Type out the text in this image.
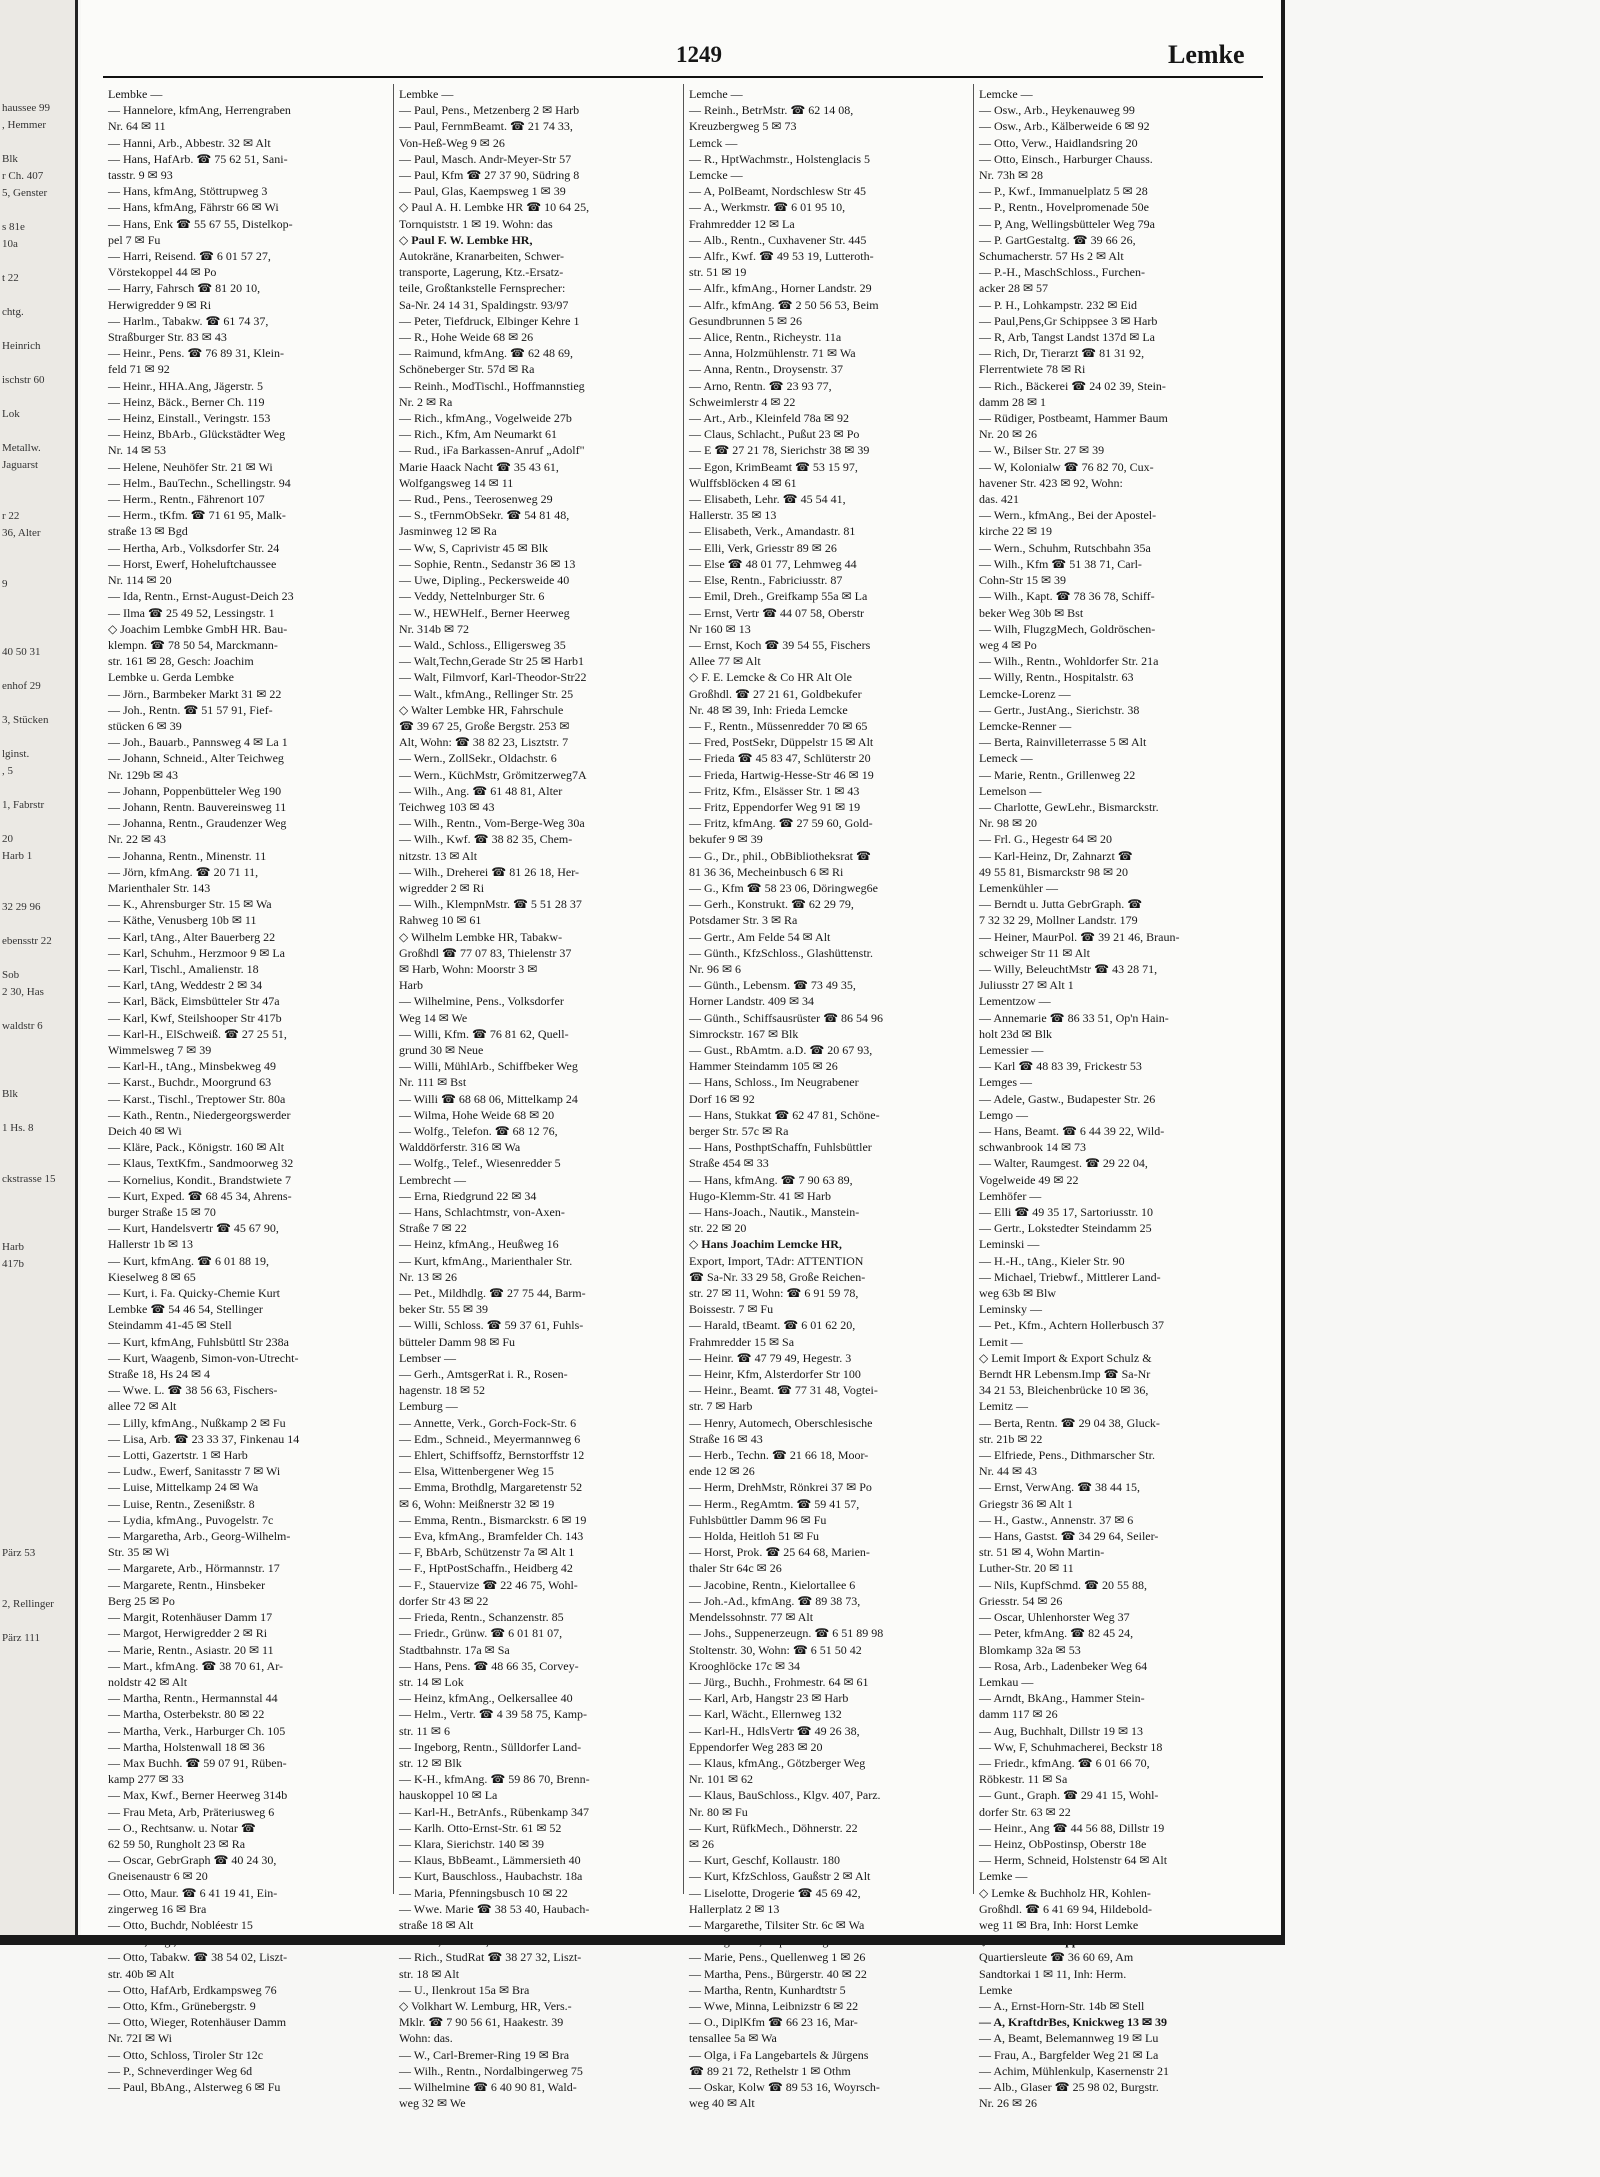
haussee 99
, Hemmer

Blk
r Ch. 407
5, Genster

s 81e
10a

t 22

chtg.

Heinrich

ischstr 60

Lok

Metallw.
Jaguarst

r 22
36, Alter

9

40 50 31

enhof 29

3, Stücken

lginst.
, 5

1, Fabrstr

20
Harb 1

32 29 96

ebensstr 22

Sob
2 30, Has

waldstr 6

Blk

1 Hs. 8

ckstrasse 15

Harb
417b

Pärz 53

2, Rellinger

Pärz 111
1249	Lemke
Lembke —
— Hannelore, kfmAng, Herrengraben
Nr. 64 ✉ 11
— Hanni, Arb., Abbestr. 32 ✉ Alt
— Hans, HafArb. ☎ 75 62 51, Sani-
tasstr. 9 ✉ 93
— Hans, kfmAng, Stöttrupweg 3
— Hans, kfmAng, Fährstr 66 ✉ Wi
— Hans, Enk ☎ 55 67 55, Distelkop-
pel 7 ✉ Fu
— Harri, Reisend. ☎ 6 01 57 27,
Vörstekoppel 44 ✉ Po
— Harry, Fahrsch ☎ 81 20 10,
Herwigredder 9 ✉ Ri
— Harlm., Tabakw. ☎ 61 74 37,
Straßburger Str. 83 ✉ 43
— Heinr., Pens. ☎ 76 89 31, Klein-
feld 71 ✉ 92
— Heinr., HHA.Ang, Jägerstr. 5
— Heinz, Bäck., Berner Ch. 119
— Heinz, Einstall., Veringstr. 153
— Heinz, BbArb., Glückstädter Weg
Nr. 14 ✉ 53
— Helene, Neuhöfer Str. 21 ✉ Wi
— Helm., BauTechn., Schellingstr. 94
— Herm., Rentn., Fährenort 107
— Herm., tKfm. ☎ 71 61 95, Malk-
straße 13 ✉ Bgd
— Hertha, Arb., Volksdorfer Str. 24
— Horst, Ewerf, Hoheluftchaussee
Nr. 114 ✉ 20
— Ida, Rentn., Ernst-August-Deich 23
— Ilma ☎ 25 49 52, Lessingstr. 1
◇ Joachim Lembke GmbH HR. Bau-
klempn. ☎ 78 50 54, Marckmann-
str. 161 ✉ 28, Gesch: Joachim
Lembke u. Gerda Lembke
— Jörn., Barmbeker Markt 31 ✉ 22
— Joh., Rentn. ☎ 51 57 91, Fief-
stücken 6 ✉ 39
— Joh., Bauarb., Pannsweg 4 ✉ La 1
— Johann, Schneid., Alter Teichweg
Nr. 129b ✉ 43
— Johann, Poppenbütteler Weg 190
— Johann, Rentn. Bauvereinsweg 11
— Johanna, Rentn., Graudenzer Weg
Nr. 22 ✉ 43
— Johanna, Rentn., Minenstr. 11
— Jörn, kfmAng. ☎ 20 71 11,
Marienthaler Str. 143
— K., Ahrensburger Str. 15 ✉ Wa
— Käthe, Venusberg 10b ✉ 11
— Karl, tAng., Alter Bauerberg 22
— Karl, Schuhm., Herzmoor 9 ✉ La
— Karl, Tischl., Amalienstr. 18
— Karl, tAng, Weddestr 2 ✉ 34
— Karl, Bäck, Eimsbütteler Str 47a
— Karl, Kwf, Steilshooper Str 417b
— Karl-H., ElSchweiß. ☎ 27 25 51,
Wimmelsweg 7 ✉ 39
— Karl-H., tAng., Minsbekweg 49
— Karst., Buchdr., Moorgrund 63
— Karst., Tischl., Treptower Str. 80a
— Kath., Rentn., Niedergeorgswerder
Deich 40 ✉ Wi
— Kläre, Pack., Königstr. 160 ✉ Alt
— Klaus, TextKfm., Sandmoorweg 32
— Kornelius, Kondit., Brandstwiete 7
— Kurt, Exped. ☎ 68 45 34, Ahrens-
burger Straße 15 ✉ 70
— Kurt, Handelsvertr ☎ 45 67 90,
Hallerstr 1b ✉ 13
— Kurt, kfmAng. ☎ 6 01 88 19,
Kieselweg 8 ✉ 65
— Kurt, i. Fa. Quicky-Chemie Kurt
Lembke ☎ 54 46 54, Stellinger
Steindamm 41-45 ✉ Stell
— Kurt, kfmAng, Fuhlsbüttl Str 238a
— Kurt, Waagenb, Simon-von-Utrecht-
Straße 18, Hs 24 ✉ 4
— Wwe. L. ☎ 38 56 63, Fischers-
allee 72 ✉ Alt
— Lilly, kfmAng., Nußkamp 2 ✉ Fu
— Lisa, Arb. ☎ 23 33 37, Finkenau 14
— Lotti, Gazertstr. 1 ✉ Harb
— Ludw., Ewerf, Sanitasstr 7 ✉ Wi
— Luise, Mittelkamp 24 ✉ Wa
— Luise, Rentn., Zesenißstr. 8
— Lydia, kfmAng., Puvogelstr. 7c
— Margaretha, Arb., Georg-Wilhelm-
Str. 35 ✉ Wi
— Margarete, Arb., Hörmannstr. 17
— Margarete, Rentn., Hinsbeker
Berg 25 ✉ Po
— Margit, Rotenhäuser Damm 17
— Margot, Herwigredder 2 ✉ Ri
— Marie, Rentn., Asiastr. 20 ✉ 11
— Mart., kfmAng. ☎ 38 70 61, Ar-
noldstr 42 ✉ Alt
— Martha, Rentn., Hermannstal 44
— Martha, Osterbekstr. 80 ✉ 22
— Martha, Verk., Harburger Ch. 105
— Martha, Holstenwall 18 ✉ 36
— Max Buchh. ☎ 59 07 91, Rüben-
kamp 277 ✉ 33
— Max, Kwf., Berner Heerweg 314b
— Frau Meta, Arb, Präteriusweg 6
— O., Rechtsanw. u. Notar ☎
62 59 50, Rungholt 23 ✉ Ra
— Oscar, GebrGraph ☎ 40 24 30,
Gneisenaustr 6 ✉ 20
— Otto, Maur. ☎ 6 41 19 41, Ein-
zingerweg 16 ✉ Bra
— Otto, Buchdr, Nobléestr 15
— Otto, Tabakw. ☎ 38 54 02, Liszt-
str. 40b ✉ Alt
— Otto, HafArb, Erdkampsweg 76
— Otto, Kfm., Grünebergstr. 9
— Otto, Wieger, Rotenhäuser Damm
Nr. 72I ✉ Wi
— Otto, Schloss, Tiroler Str 12c
— P., Schneverdinger Weg 6d
— Paul, BbAng., Alsterweg 6 ✉ Fu
Lembke —
— Paul, Pens., Metzenberg 2 ✉ Harb
— Paul, FernmBeamt. ☎ 21 74 33,
Von-Heß-Weg 9 ✉ 26
— Paul, Masch. Andr-Meyer-Str 57
— Paul, Kfm ☎ 27 37 90, Südring 8
— Paul, Glas, Kaempsweg 1 ✉ 39
◇ Paul A. H. Lembke HR ☎ 10 64 25,
Tornquiststr. 1 ✉ 19. Wohn: das
◇ Paul F. W. Lembke HR,
Autokräne, Kranarbeiten, Schwer-
transporte, Lagerung, Ktz.-Ersatz-
teile, Großtankstelle Fernsprecher:
Sa-Nr. 24 14 31, Spaldingstr. 93/97
— Peter, Tiefdruck, Elbinger Kehre 1
— R., Hohe Weide 68 ✉ 26
— Raimund, kfmAng. ☎ 62 48 69,
Schöneberger Str. 57d ✉ Ra
— Reinh., ModTischl., Hoffmannstieg
Nr. 2 ✉ Ra
— Rich., kfmAng., Vogelweide 27b
— Rich., Kfm, Am Neumarkt 61
— Rud., iFa Barkassen-Anruf „Adolf"
Marie Haack Nacht ☎ 35 43 61,
Wolfgangsweg 14 ✉ 11
— Rud., Pens., Teerosenweg 29
— S., tFernmObSekr. ☎ 54 81 48,
Jasminweg 12 ✉ Ra
— Ww, S, Caprivistr 45 ✉ Blk
— Sophie, Rentn., Sedanstr 36 ✉ 13
— Uwe, Dipling., Peckersweide 40
— Veddy, Nettelnburger Str. 6
— W., HEWHelf., Berner Heerweg
Nr. 314b ✉ 72
— Wald., Schloss., Elligersweg 35
— Walt,Techn,Gerade Str 25 ✉ Harb1
— Walt, Filmvorf, Karl-Theodor-Str22
— Walt., kfmAng., Rellinger Str. 25
◇ Walter Lembke HR, Fahrschule
☎ 39 67 25, Große Bergstr. 253 ✉
Alt, Wohn: ☎ 38 82 23, Lisztstr. 7
— Wern., ZollSekr., Oldachstr. 6
— Wern., KüchMstr, Grömitzerweg7A
— Wilh., Ang. ☎ 61 48 81, Alter
Teichweg 103 ✉ 43
— Wilh., Rentn., Vom-Berge-Weg 30a
— Wilh., Kwf. ☎ 38 82 35, Chem-
nitzstr. 13 ✉ Alt
— Wilh., Dreherei ☎ 81 26 18, Her-
wigredder 2 ✉ Ri
— Wilh., KlempnMstr. ☎ 5 51 28 37
Rahweg 10 ✉ 61
◇ Wilhelm Lembke HR, Tabakw-
Großhdl ☎ 77 07 83, Thielenstr 37
✉ Harb, Wohn: Moorstr 3 ✉
Harb
— Wilhelmine, Pens., Volksdorfer
Weg 14 ✉ We
— Willi, Kfm. ☎ 76 81 62, Quell-
grund 30 ✉ Neue
— Willi, MühlArb., Schiffbeker Weg
Nr. 111 ✉ Bst
— Willi ☎ 68 68 06, Mittelkamp 24
— Wilma, Hohe Weide 68 ✉ 20
— Wolfg., Telefon. ☎ 68 12 76,
Walddörferstr. 316 ✉ Wa
— Wolfg., Telef., Wiesenredder 5
Lembrecht —
— Erna, Riedgrund 22 ✉ 34
— Hans, Schlachtmstr, von-Axen-
Straße 7 ✉ 22
— Heinz, kfmAng., Heußweg 16
— Kurt, kfmAng., Marienthaler Str.
Nr. 13 ✉ 26
— Pet., Mildhdlg. ☎ 27 75 44, Barm-
beker Str. 55 ✉ 39
— Willi, Schloss. ☎ 59 37 61, Fuhls-
bütteler Damm 98 ✉ Fu
Lembser —
— Gerh., AmtsgerRat i. R., Rosen-
hagenstr. 18 ✉ 52
Lemburg —
— Annette, Verk., Gorch-Fock-Str. 6
— Edm., Schneid., Meyermannweg 6
— Ehlert, Schiffsoffz, Bernstorffstr 12
— Elsa, Wittenbergener Weg 15
— Emma, Brothdlg, Margaretenstr 52
✉ 6, Wohn: Meißnerstr 32 ✉ 19
— Emma, Rentn., Bismarckstr. 6 ✉ 19
— Eva, kfmAng., Bramfelder Ch. 143
— F, BbArb, Schützenstr 7a ✉ Alt 1
— F., HptPostSchaffn., Heidberg 42
— F., Stauervize ☎ 22 46 75, Wohl-
dorfer Str 43 ✉ 22
— Frieda, Rentn., Schanzenstr. 85
— Friedr., Grünw. ☎ 6 01 81 07,
Stadtbahnstr. 17a ✉ Sa
— Hans, Pens. ☎ 48 66 35, Corvey-
str. 14 ✉ Lok
— Heinz, kfmAng., Oelkersallee 40
— Helm., Vertr. ☎ 4 39 58 75, Kamp-
str. 11 ✉ 6
— Ingeborg, Rentn., Sülldorfer Land-
str. 12 ✉ Blk
— K-H., kfmAng. ☎ 59 86 70, Brenn-
hauskoppel 10 ✉ La
— Karl-H., BetrAnfs., Rübenkamp 347
— Karlh. Otto-Ernst-Str. 61 ✉ 52
— Klara, Sierichstr. 140 ✉ 39
— Klaus, BbBeamt., Lämmersieth 40
— Kurt, Bauschloss., Haubachstr. 18a
— Maria, Pfenningsbusch 10 ✉ 22
— Wwe. Marie ☎ 38 53 40, Haubach-
straße 18 ✉ Alt
— Rich., StudRat ☎ 38 27 32, Liszt-
str. 18 ✉ Alt
— U., Ilenkrout 15a ✉ Bra
◇ Volkhart W. Lemburg, HR, Vers.-
Mklr. ☎ 7 90 56 61, Haakestr. 39
Wohn: das.
— W., Carl-Bremer-Ring 19 ✉ Bra
— Wilh., Rentn., Nordalbingerweg 75
— Wilhelmine ☎ 6 40 90 81, Wald-
weg 32 ✉ We
Lemche —
— Reinh., BetrMstr. ☎ 62 14 08,
Kreuzbergweg 5 ✉ 73
Lemck —
— R., HptWachmstr., Holstenglacis 5
Lemcke —
— A, PolBeamt, Nordschlesw Str 45
— A., Werkmstr. ☎ 6 01 95 10,
Frahmredder 12 ✉ La
— Alb., Rentn., Cuxhavener Str. 445
— Alfr., Kwf. ☎ 49 53 19, Lutteroth-
str. 51 ✉ 19
— Alfr., kfmAng., Horner Landstr. 29
— Alfr., kfmAng. ☎ 2 50 56 53, Beim
Gesundbrunnen 5 ✉ 26
— Alice, Rentn., Richeystr. 11a
— Anna, Holzmühlenstr. 71 ✉ Wa
— Anna, Rentn., Droysenstr. 37
— Arno, Rentn. ☎ 23 93 77,
Schweimlerstr 4 ✉ 22
— Art., Arb., Kleinfeld 78a ✉ 92
— Claus, Schlacht., Pußut 23 ✉ Po
— E ☎ 27 21 78, Sierichstr 38 ✉ 39
— Egon, KrimBeamt ☎ 53 15 97,
Wulffsblöcken 4 ✉ 61
— Elisabeth, Lehr. ☎ 45 54 41,
Hallerstr. 35 ✉ 13
— Elisabeth, Verk., Amandastr. 81
— Elli, Verk, Griesstr 89 ✉ 26
— Else ☎ 48 01 77, Lehmweg 44
— Else, Rentn., Fabriciusstr. 87
— Emil, Dreh., Greifkamp 55a ✉ La
— Ernst, Vertr ☎ 44 07 58, Oberstr
Nr 160 ✉ 13
— Ernst, Koch ☎ 39 54 55, Fischers
Allee 77 ✉ Alt
◇ F. E. Lemcke & Co HR Alt Ole
Großhdl. ☎ 27 21 61, Goldbekufer
Nr. 48 ✉ 39, Inh: Frieda Lemcke
— F., Rentn., Müssenredder 70 ✉ 65
— Fred, PostSekr, Düppelstr 15 ✉ Alt
— Frieda ☎ 45 83 47, Schlüterstr 20
— Frieda, Hartwig-Hesse-Str 46 ✉ 19
— Fritz, Kfm., Elsässer Str. 1 ✉ 43
— Fritz, Eppendorfer Weg 91 ✉ 19
— Fritz, kfmAng. ☎ 27 59 60, Gold-
bekufer 9 ✉ 39
— G., Dr., phil., ObBibliotheksrat ☎
81 36 36, Mecheinbusch 6 ✉ Ri
— G., Kfm ☎ 58 23 06, Döringweg6e
— Gerh., Konstrukt. ☎ 62 29 79,
Potsdamer Str. 3 ✉ Ra
— Gertr., Am Felde 54 ✉ Alt
— Günth., KfzSchloss., Glashüttenstr.
Nr. 96 ✉ 6
— Günth., Lebensm. ☎ 73 49 35,
Horner Landstr. 409 ✉ 34
— Günth., Schiffsausrüster ☎ 86 54 96
Simrockstr. 167 ✉ Blk
— Gust., RbAmtm. a.D. ☎ 20 67 93,
Hammer Steindamm 105 ✉ 26
— Hans, Schloss., Im Neugrabener
Dorf 16 ✉ 92
— Hans, Stukkat ☎ 62 47 81, Schöne-
berger Str. 57c ✉ Ra
— Hans, PosthptSchaffn, Fuhlsbüttler
Straße 454 ✉ 33
— Hans, kfmAng. ☎ 7 90 63 89,
Hugo-Klemm-Str. 41 ✉ Harb
— Hans-Joach., Nautik., Manstein-
str. 22 ✉ 20
◇ Hans Joachim Lemcke HR,
Export, Import, TAdr: ATTENTION
☎ Sa-Nr. 33 29 58, Große Reichen-
str. 27 ✉ 11, Wohn: ☎ 6 91 59 78,
Boissestr. 7 ✉ Fu
— Harald, tBeamt. ☎ 6 01 62 20,
Frahmredder 15 ✉ Sa
— Heinr. ☎ 47 79 49, Hegestr. 3
— Heinr, Kfm, Alsterdorfer Str 100
— Heinr., Beamt. ☎ 77 31 48, Vogtei-
str. 7 ✉ Harb
— Henry, Automech, Oberschlesische
Straße 16 ✉ 43
— Herb., Techn. ☎ 21 66 18, Moor-
ende 12 ✉ 26
— Herm, DrehMstr, Rönkrei 37 ✉ Po
— Herm., RegAmtm. ☎ 59 41 57,
Fuhlsbüttler Damm 96 ✉ Fu
— Holda, Heitloh 51 ✉ Fu
— Horst, Prok. ☎ 25 64 68, Marien-
thaler Str 64c ✉ 26
— Jacobine, Rentn., Kielortallee 6
— Joh.-Ad., kfmAng. ☎ 89 38 73,
Mendelssohnstr. 77 ✉ Alt
— Johs., Suppenerzeugn. ☎ 6 51 89 98
Stoltenstr. 30, Wohn: ☎ 6 51 50 42
Krooghlöcke 17c ✉ 34
— Jürg., Buchh., Frohmestr. 64 ✉ 61
— Karl, Arb, Hangstr 23 ✉ Harb
— Karl, Wächt., Ellernweg 132
— Karl-H., HdlsVertr ☎ 49 26 38,
Eppendorfer Weg 283 ✉ 20
— Klaus, kfmAng., Götzberger Weg
Nr. 101 ✉ 62
— Klaus, BauSchloss., Klgv. 407, Parz.
Nr. 80 ✉ Fu
— Kurt, RüfkMech., Döhnerstr. 22
✉ 26
— Kurt, Geschf, Kollaustr. 180
— Kurt, KfzSchloss, Gaußstr 2 ✉ Alt
— Liselotte, Drogerie ☎ 45 69 42,
Hallerplatz 2 ✉ 13
— Margarethe, Tilsiter Str. 6c ✉ Wa
— Marie, Pens., Quellenweg 1 ✉ 26
— Martha, Pens., Bürgerstr. 40 ✉ 22
— Martha, Rentn, Kunhardtstr 5
— Wwe, Minna, Leibnizstr 6 ✉ 22
— O., DiplKfm ☎ 66 23 16, Mar-
tensallee 5a ✉ Wa
— Olga, i Fa Langebartels & Jürgens
☎ 89 21 72, Rethelstr 1 ✉ Othm
— Oskar, Kolw ☎ 89 53 16, Woyrsch-
weg 40 ✉ Alt
Lemcke —
— Osw., Arb., Heykenauweg 99
— Osw., Arb., Kälberweide 6 ✉ 92
— Otto, Verw., Haidlandsring 20
— Otto, Einsch., Harburger Chauss.
Nr. 73h ✉ 28
— P., Kwf., Immanuelplatz 5 ✉ 28
— P., Rentn., Hovelpromenade 50e
— P, Ang, Wellingsbütteler Weg 79a
— P. GartGestaltg. ☎ 39 66 26,
Schumacherstr. 57 Hs 2 ✉ Alt
— P.-H., MaschSchloss., Furchen-
acker 28 ✉ 57
— P. H., Lohkampstr. 232 ✉ Eid
— Paul,Pens,Gr Schippsee 3 ✉ Harb
— R, Arb, Tangst Landst 137d ✉ La
— Rich, Dr, Tierarzt ☎ 81 31 92,
Flerrentwiete 78 ✉ Ri
— Rich., Bäckerei ☎ 24 02 39, Stein-
damm 28 ✉ 1
— Rüdiger, Postbeamt, Hammer Baum
Nr. 20 ✉ 26
— W., Bilser Str. 27 ✉ 39
— W, Kolonialw ☎ 76 82 70, Cux-
havener Str. 423 ✉ 92, Wohn:
das. 421
— Wern., kfmAng., Bei der Apostel-
kirche 22 ✉ 19
— Wern., Schuhm, Rutschbahn 35a
— Wilh., Kfm ☎ 51 38 71, Carl-
Cohn-Str 15 ✉ 39
— Wilh., Kapt. ☎ 78 36 78, Schiff-
beker Weg 30b ✉ Bst
— Wilh, FlugzgMech, Goldröschen-
weg 4 ✉ Po
— Wilh., Rentn., Wohldorfer Str. 21a
— Willy, Rentn., Hospitalstr. 63
Lemcke-Lorenz —
— Gertr., JustAng., Sierichstr. 38
Lemcke-Renner —
— Berta, Rainvilleterrasse 5 ✉ Alt
Lemeck —
— Marie, Rentn., Grillenweg 22
Lemelson —
— Charlotte, GewLehr., Bismarckstr.
Nr. 98 ✉ 20
— Frl. G., Hegestr 64 ✉ 20
— Karl-Heinz, Dr, Zahnarzt ☎
49 55 81, Bismarckstr 98 ✉ 20
Lemenkühler —
— Berndt u. Jutta GebrGraph. ☎
7 32 32 29, Mollner Landstr. 179
— Heiner, MaurPol. ☎ 39 21 46, Braun-
schweiger Str 11 ✉ Alt
— Willy, BeleuchtMstr ☎ 43 28 71,
Juliusstr 27 ✉ Alt 1
Lementzow —
— Annemarie ☎ 86 33 51, Op'n Hain-
holt 23d ✉ Blk
Lemessier —
— Karl ☎ 48 83 39, Frickestr 53
Lemges —
— Adele, Gastw., Budapester Str. 26
Lemgo —
— Hans, Beamt. ☎ 6 44 39 22, Wild-
schwanbrook 14 ✉ 73
— Walter, Raumgest. ☎ 29 22 04,
Vogelweide 49 ✉ 22
Lemhöfer —
— Elli ☎ 49 35 17, Sartoriusstr. 10
— Gertr., Lokstedter Steindamm 25
Leminski —
— H.-H., tAng., Kieler Str. 90
— Michael, Triebwf., Mittlerer Land-
weg 63b ✉ Blw
Leminsky —
— Pet., Kfm., Achtern Hollerbusch 37
Lemit —
◇ Lemit Import & Export Schulz &
Berndt HR Lebensm.Imp ☎ Sa-Nr
34 21 53, Bleichenbrücke 10 ✉ 36,
Lemitz —
— Berta, Rentn. ☎ 29 04 38, Gluck-
str. 21b ✉ 22
— Elfriede, Pens., Dithmarscher Str.
Nr. 44 ✉ 43
— Ernst, VerwAng. ☎ 38 44 15,
Griegstr 36 ✉ Alt 1
— H., Gastw., Annenstr. 37 ✉ 6
— Hans, Gastst. ☎ 34 29 64, Seiler-
str. 51 ✉ 4, Wohn Martin-
Luther-Str. 20 ✉ 11
— Nils, KupfSchmd. ☎ 20 55 88,
Griesstr. 54 ✉ 26
— Oscar, Uhlenhorster Weg 37
— Peter, kfmAng. ☎ 82 45 24,
Blomkamp 32a ✉ 53
— Rosa, Arb., Ladenbeker Weg 64
Lemkau —
— Arndt, BkAng., Hammer Stein-
damm 117 ✉ 26
— Aug, Buchhalt, Dillstr 19 ✉ 13
— Ww, F, Schuhmacherei, Beckstr 18
— Friedr., kfmAng. ☎ 6 01 66 70,
Röbkestr. 11 ✉ Sa
— Gunt., Graph. ☎ 29 41 15, Wohl-
dorfer Str. 63 ✉ 22
— Heinr., Ang ☎ 44 56 88, Dillstr 19
— Heinz, ObPostinsp, Oberstr 18e
— Herm, Schneid, Holstenstr 64 ✉ Alt
Lemke —
◇ Lemke & Buchholz HR, Kohlen-
Großhdl. ☎ 6 41 69 94, Hildebold-
weg 11 ✉ Bra, Inh: Horst Lemke
Quartiersleute ☎ 36 60 69, Am
Sandtorkai 1 ✉ 11, Inh: Herm.
Lemke
— A., Ernst-Horn-Str. 14b ✉ Stell
— A, KraftdrBes, Knickweg 13 ✉ 39
— A, Beamt, Belemannweg 19 ✉ Lu
— Frau, A., Bargfelder Weg 21 ✉ La
— Achim, Mühlenkulp, Kasernenstr 21
— Alb., Glaser ☎ 25 98 02, Burgstr.
Nr. 26 ✉ 26
